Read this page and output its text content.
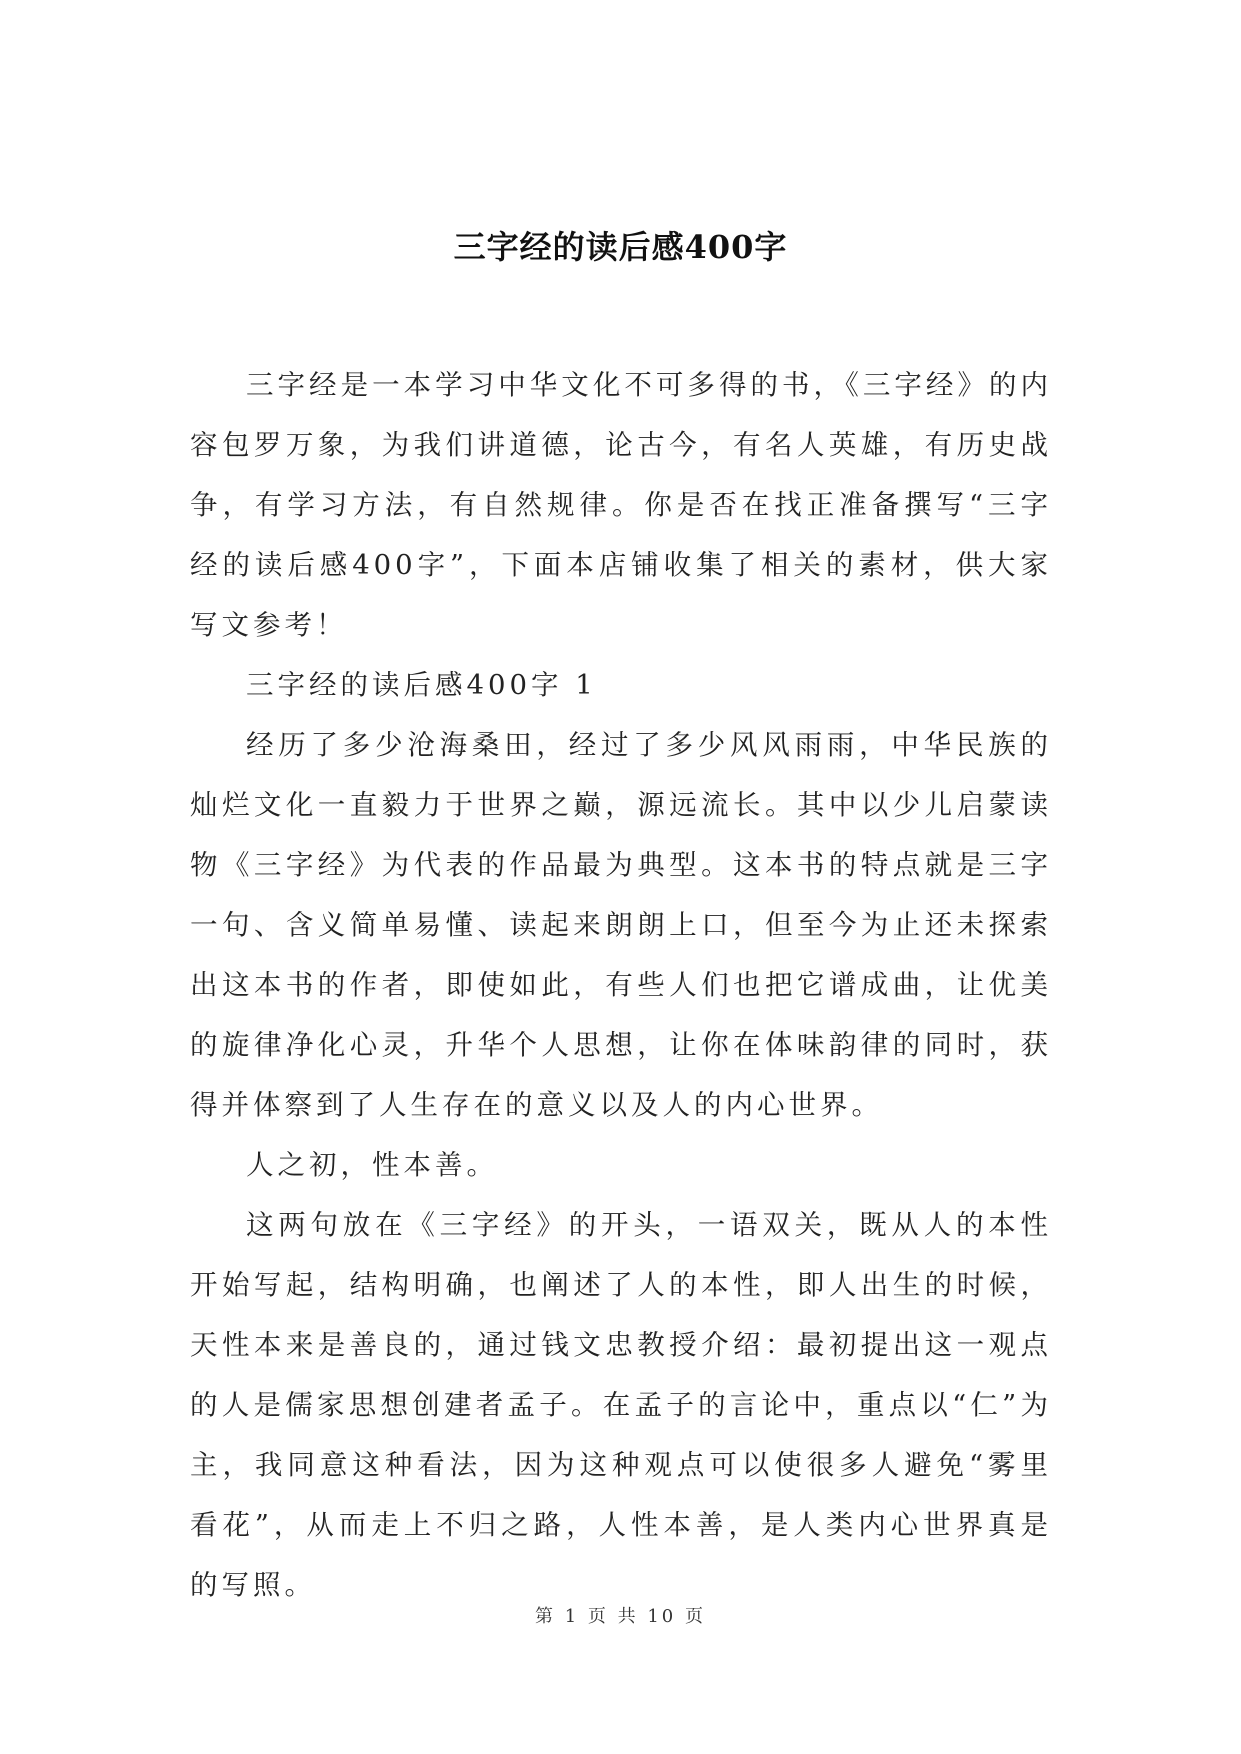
三字经的读后感400字

三字经是一本学习中华文化不可多得的书，《三字经》的内容包罗万象，为我们讲道德，论古今，有名人英雄，有历史战争，有学习方法，有自然规律。你是否在找正准备撰写“三字经的读后感400字”，下面本店铺收集了相关的素材，供大家写文参考！

三字经的读后感400字 1

经历了多少沧海桑田，经过了多少风风雨雨，中华民族的灿烂文化一直毅力于世界之巅，源远流长。其中以少儿启蒙读物《三字经》为代表的作品最为典型。这本书的特点就是三字一句、含义简单易懂、读起来朗朗上口，但至今为止还未探索出这本书的作者，即使如此，有些人们也把它谱成曲，让优美的旋律净化心灵，升华个人思想，让你在体味韵律的同时，获得并体察到了人生存在的意义以及人的内心世界。

人之初，性本善。

这两句放在《三字经》的开头，一语双关，既从人的本性开始写起，结构明确，也阐述了人的本性，即人出生的时候，天性本来是善良的，通过钱文忠教授介绍：最初提出这一观点的人是儒家思想创建者孟子。在孟子的言论中，重点以“仁”为主，我同意这种看法，因为这种观点可以使很多人避免“雾里看花”，从而走上不归之路，人性本善，是人类内心世界真是的写照。

第 1 页 共 10 页
